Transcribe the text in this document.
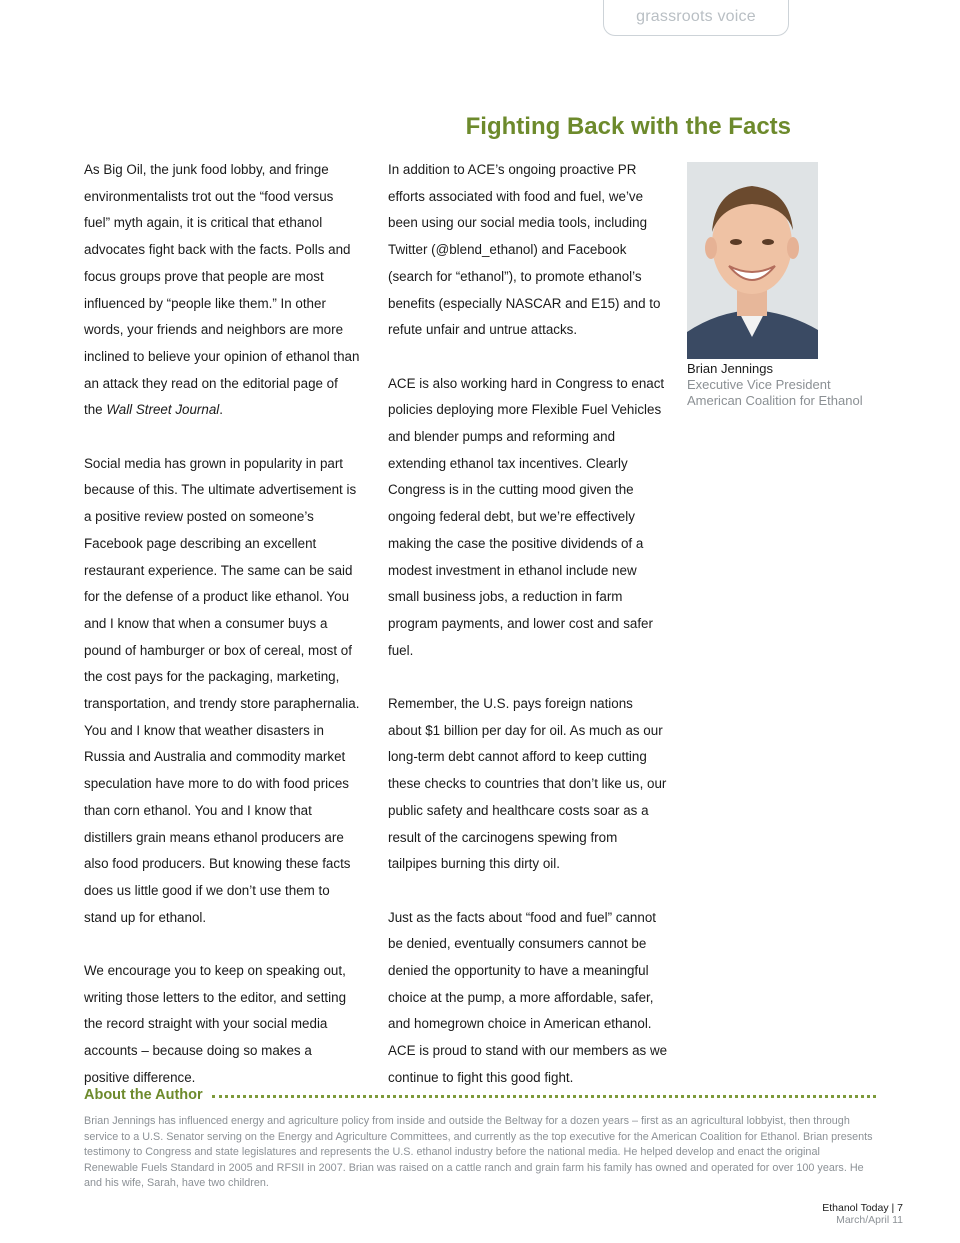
grassroots voice
Fighting Back with the Facts

As Big Oil, the junk food lobby, and fringe environmentalists trot out the “food versus fuel” myth again, it is critical that ethanol advocates fight back with the facts. Polls and focus groups prove that people are most influenced by “people like them.” In other words, your friends and neighbors are more inclined to believe your opinion of ethanol than an attack they read on the editorial page of the Wall Street Journal.

Social media has grown in popularity in part because of this. The ultimate advertisement is a positive review posted on someone’s Facebook page describing an excellent restaurant experience. The same can be said for the defense of a product like ethanol. You and I know that when a consumer buys a pound of hamburger or box of cereal, most of the cost pays for the packaging, marketing, transportation, and trendy store paraphernalia. You and I know that weather disasters in Russia and Australia and commodity market speculation have more to do with food prices than corn ethanol. You and I know that distillers grain means ethanol producers are also food producers. But knowing these facts does us little good if we don’t use them to stand up for ethanol.

We encourage you to keep on speaking out, writing those letters to the editor, and setting the record straight with your social media accounts – because doing so makes a positive difference.

In addition to ACE’s ongoing proactive PR efforts associated with food and fuel, we’ve been using our social media tools, including Twitter (@blend_ethanol) and Facebook (search for “ethanol”), to promote ethanol’s benefits (especially NASCAR and E15) and to refute unfair and untrue attacks.

ACE is also working hard in Congress to enact policies deploying more Flexible Fuel Vehicles and blender pumps and reforming and extending ethanol tax incentives. Clearly Congress is in the cutting mood given the ongoing federal debt, but we’re effectively making the case the positive dividends of a modest investment in ethanol include new small business jobs, a reduction in farm program payments, and lower cost and safer fuel.

Remember, the U.S. pays foreign nations about $1 billion per day for oil. As much as our long-term debt cannot afford to keep cutting these checks to countries that don’t like us, our public safety and healthcare costs soar as a result of the carcinogens spewing from tailpipes burning this dirty oil.

Just as the facts about “food and fuel” cannot be denied, eventually consumers cannot be denied the opportunity to have a meaningful choice at the pump, a more affordable, safer, and homegrown choice in American ethanol. ACE is proud to stand with our members as we continue to fight this good fight.

Brian Jennings
Executive Vice President
American Coalition for Ethanol
About the Author

Brian Jennings has influenced energy and agriculture policy from inside and outside the Beltway for a dozen years – first as an agricultural lobbyist, then through service to a U.S. Senator serving on the Energy and Agriculture Committees, and currently as the top executive for the American Coalition for Ethanol. Brian presents testimony to Congress and state legislatures and represents the U.S. ethanol industry before the national media. He helped develop and enact the original Renewable Fuels Standard in 2005 and RFSII in 2007. Brian was raised on a cattle ranch and grain farm his family has owned and operated for over 100 years. He and his wife, Sarah, have two children.

Ethanol Today | 7
March/April 11
